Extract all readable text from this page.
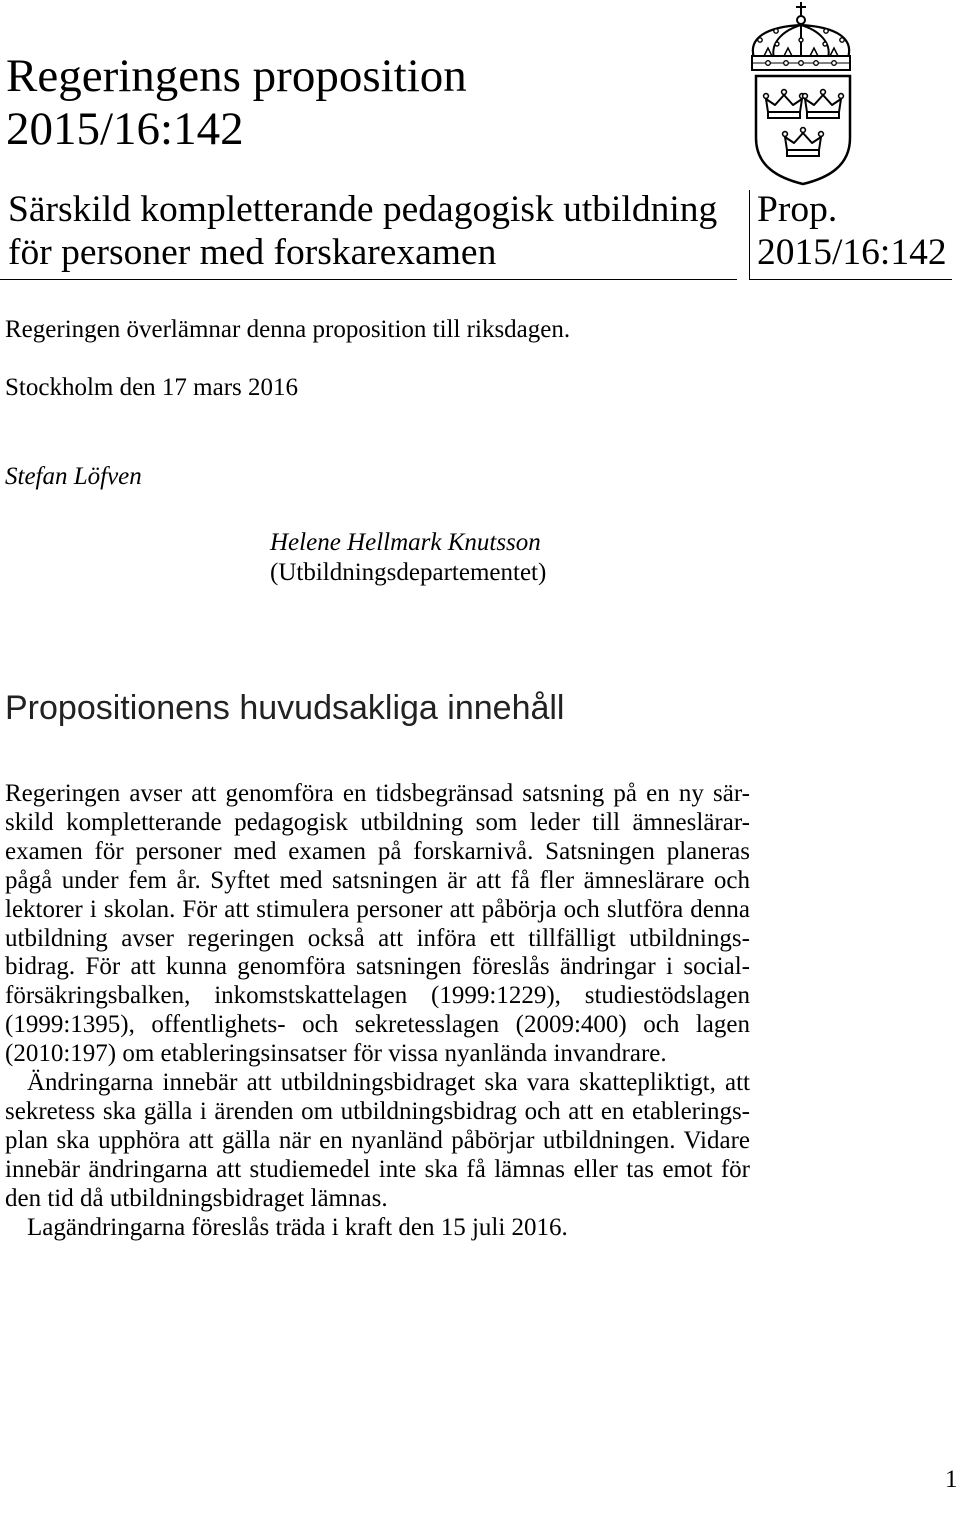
Regeringens proposition
2015/16:142
Särskild kompletterande pedagogisk utbildning
för personer med forskarexamen
Prop.
2015/16:142
Regeringen överlämnar denna proposition till riksdagen.
Stockholm den 17 mars 2016
Stefan Löfven
Helene Hellmark Knutsson
(Utbildningsdepartementet)
Propositionens huvudsakliga innehåll
Regeringen avser att genomföra en tidsbegränsad satsning på en ny sär-
skild kompletterande pedagogisk utbildning som leder till ämneslärar-
examen för personer med examen på forskarnivå. Satsningen planeras
pågå under fem år. Syftet med satsningen är att få fler ämneslärare och
lektorer i skolan. För att stimulera personer att påbörja och slutföra denna
utbildning avser regeringen också att införa ett tillfälligt utbildnings-
bidrag. För att kunna genomföra satsningen föreslås ändringar i social-
försäkringsbalken, inkomstskattelagen (1999:1229), studiestödslagen
(1999:1395), offentlighets- och sekretesslagen (2009:400) och lagen
(2010:197) om etableringsinsatser för vissa nyanlända invandrare.
Ändringarna innebär att utbildningsbidraget ska vara skattepliktigt, att
sekretess ska gälla i ärenden om utbildningsbidrag och att en etablerings-
plan ska upphöra att gälla när en nyanländ påbörjar utbildningen. Vidare
innebär ändringarna att studiemedel inte ska få lämnas eller tas emot för
den tid då utbildningsbidraget lämnas.
Lagändringarna föreslås träda i kraft den 15 juli 2016.
1
